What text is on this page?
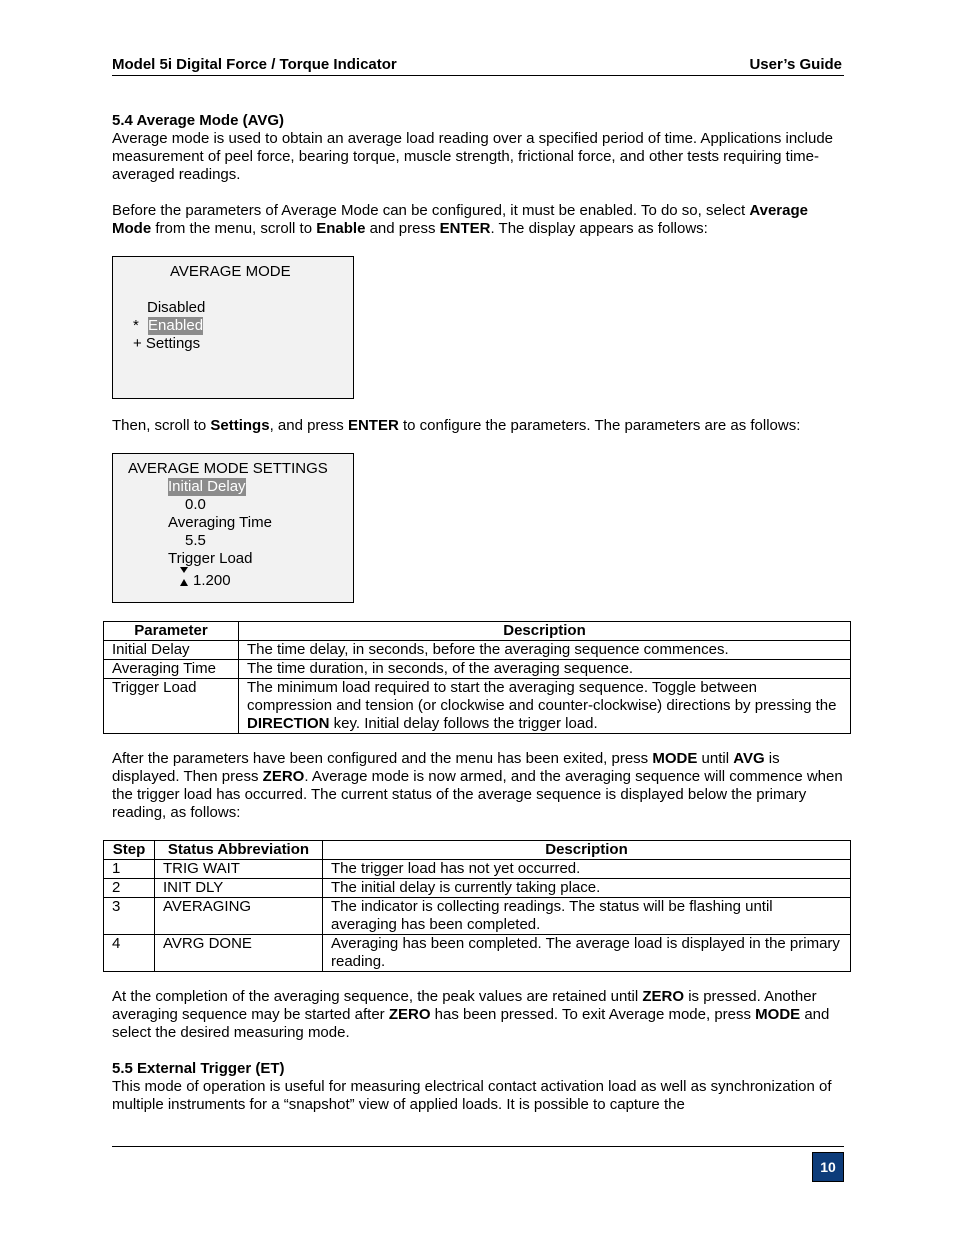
Model 5i Digital Force / Torque Indicator	User’s Guide

5.4 Average Mode (AVG)

Average mode is used to obtain an average load reading over a specified period of time. Applications include measurement of peel force, bearing torque, muscle strength, frictional force, and other tests requiring time-averaged readings.

Before the parameters of Average Mode can be configured, it must be enabled. To do so, select Average Mode from the menu, scroll to Enable and press ENTER. The display appears as follows:

AVERAGE MODE
Disabled
* Enabled
+ Settings

Then, scroll to Settings, and press ENTER to configure the parameters. The parameters are as follows:

AVERAGE MODE SETTINGS
Initial Delay
0.0
Averaging Time
5.5
Trigger Load
1.200
Parameter	Description
Initial Delay	The time delay, in seconds, before the averaging sequence commences.
Averaging Time	The time duration, in seconds, of the averaging sequence.
Trigger Load	The minimum load required to start the averaging sequence. Toggle between compression and tension (or clockwise and counter-clockwise) directions by pressing the DIRECTION key. Initial delay follows the trigger load.

After the parameters have been configured and the menu has been exited, press MODE until AVG is displayed. Then press ZERO. Average mode is now armed, and the averaging sequence will commence when the trigger load has occurred. The current status of the average sequence is displayed below the primary reading, as follows:

Step	Status Abbreviation	Description
1	TRIG WAIT	The trigger load has not yet occurred.
2	INIT DLY	The initial delay is currently taking place.
3	AVERAGING	The indicator is collecting readings. The status will be flashing until averaging has been completed.
4	AVRG DONE	Averaging has been completed. The average load is displayed in the primary reading.

At the completion of the averaging sequence, the peak values are retained until ZERO is pressed. Another averaging sequence may be started after ZERO has been pressed. To exit Average mode, press MODE and select the desired measuring mode.

5.5 External Trigger (ET)

This mode of operation is useful for measuring electrical contact activation load as well as synchronization of multiple instruments for a “snapshot” view of applied loads. It is possible to capture the

10
